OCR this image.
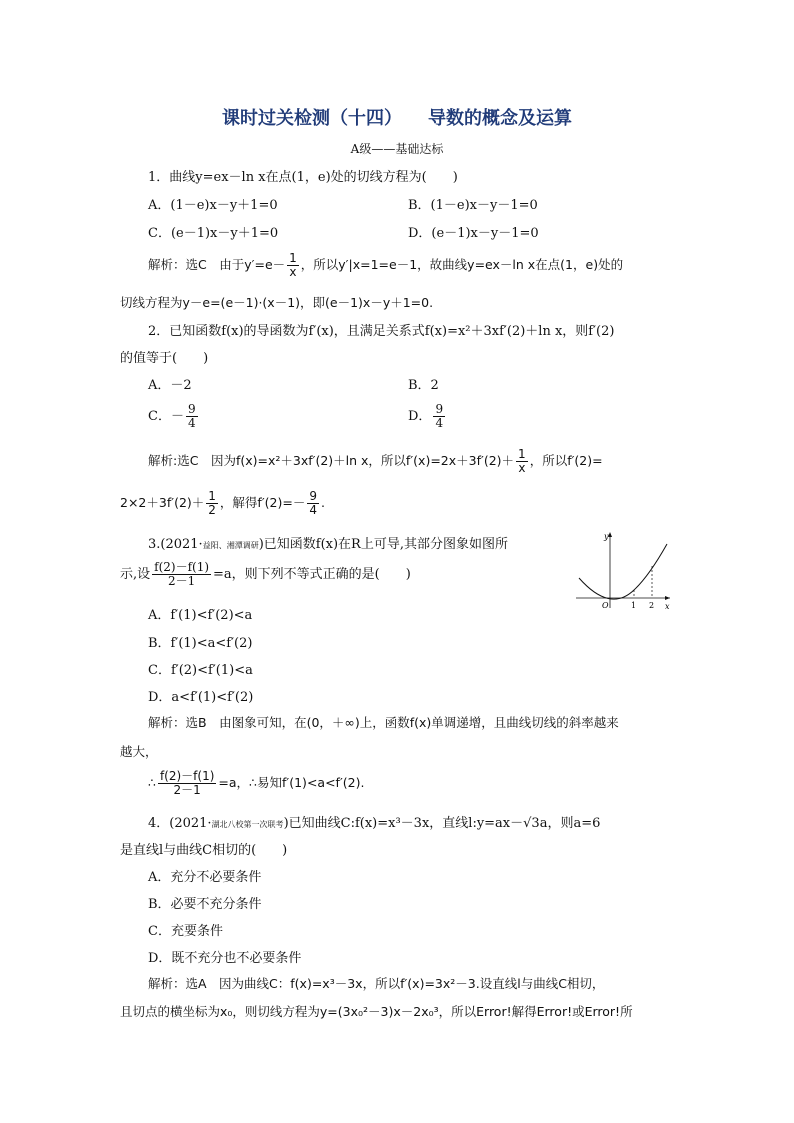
课时过关检测（十四） 导数的概念及运算
A级——基础达标
1．曲线y=ex－ln x在点(1，e)处的切线方程为(　　)
A．(1－e)x－y＋1=0	B．(1－e)x－y－1=0
C．(e－1)x－y＋1=0	D．(e－1)x－y－1=0
解析：选C　由于$y'=e- \frac{1}{x}$ ，所以y′|x=1=e－1，故曲线y=ex－ln x在点(1，e)处的
切线方程为y－e=(e－1)·(x－1)，即(e－1)x－y＋1=0.
2．已知函数f(x)的导函数为f′(x)，且满足关系式f(x)=x²＋3xf′(2)＋ln x，则f′(2)
的值等于(　　)
A．－2	B．2
C．－ $\frac{9}{4}$	D． $\frac{9}{4}$
解析:选C　因为f(x)=x²＋3xf′(2)＋ln x，所以$f'(x)=2x+3f'(2)+ \frac{1}{x}$ ，所以f′(2)=
$2\times 2+3f'(2)+ \frac{1}{2}$ ，解得$f'(2)=- \frac{9}{4}$ .
3.(2021·益阳、湘潭调研)已知函数f(x)在R上可导,其部分图象如图所
示,设 $\frac{f(2)-f(1)}{2-1} =a$，则下列不等式正确的是(　　)
A．f′(1)<f′(2)<a
B．f′(1)<a<f′(2)
C．f′(2)<f′(1)<a
D．a<f′(1)<f′(2)
解析：选B　由图象可知，在(0，＋∞)上，函数f(x)单调递增，且曲线切线的斜率越来
越大，
∴ $\frac{f(2)-f(1)}{2-1} =a$，∴易知f′(1)<a<f′(2).
y
x
O	1 2
4．(2021·湖北八校第一次联考)已知曲线C:f(x)=x³－3x，直线l:y=ax－√3a，则a=6
是直线l与曲线C相切的(　　)
A．充分不必要条件
B．必要不充分条件
C．充要条件
D．既不充分也不必要条件
解析：选A　因为曲线C：f(x)=x³－3x，所以f′(x)=3x²－3.设直线l与曲线C相切，
且切点的横坐标为x₀，则切线方程为y=(3x₀²－3)x－2x₀³，所以Error!解得Error!或Error!所
